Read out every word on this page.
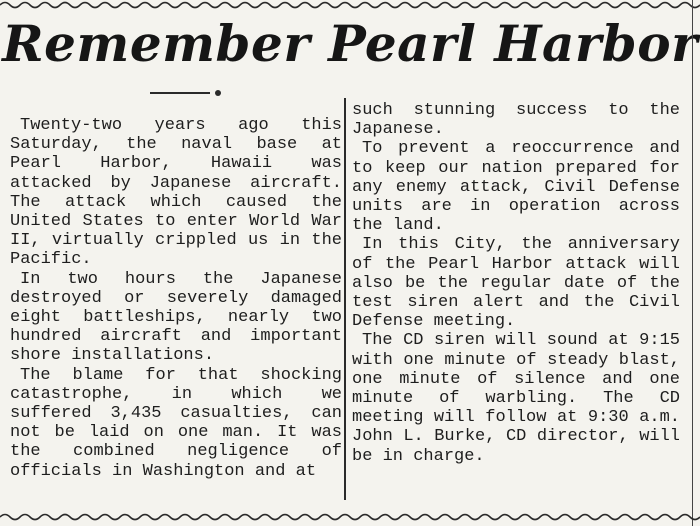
Remember Pearl Harbor

Twenty-two years ago this Saturday, the naval base at Pearl Harbor, Hawaii was attacked by Japanese aircraft. The attack which caused the United States to enter World War II, virtually crippled us in the Pacific.

In two hours the Japanese destroyed or severely damaged eight battleships, nearly two hundred aircraft and important shore installations.

The blame for that shocking catastrophe, in which we suffered 3,435 casualties, can not be laid on one man. It was the combined negligence of officials in Washington and at

such stunning success to the Japanese.

To prevent a reoccurrence and to keep our nation prepared for any enemy attack, Civil Defense units are in operation across the land.

In this City, the anniversary of the Pearl Harbor attack will also be the regular date of the test siren alert and the Civil Defense meeting.

The CD siren will sound at 9:15 with one minute of steady blast, one minute of silence and one minute of warbling. The CD meeting will follow at 9:30 a.m. John L. Burke, CD director, will be in charge.
